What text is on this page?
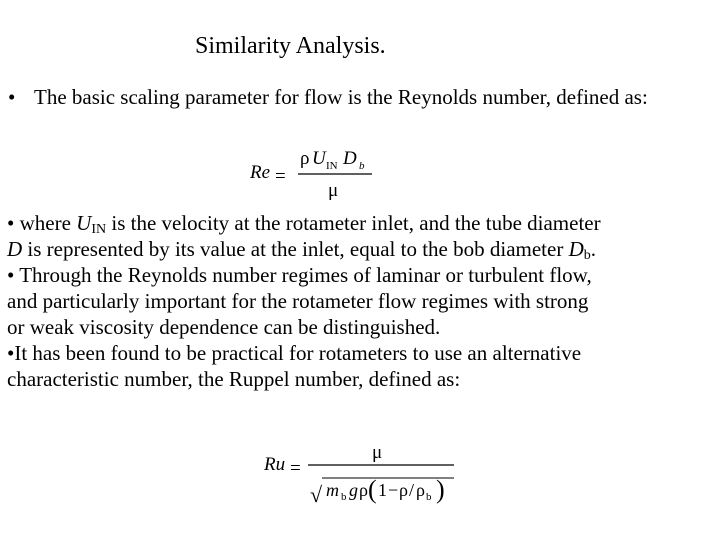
Similarity Analysis.
• The basic scaling parameter for flow is the Reynolds number, defined as:
Re =
ρ U IN D b
μ
• where $U_{IN}$ is the velocity at the rotameter inlet, and the tube diameter
D is represented by its value at the inlet, equal to the bob diameter $D_b$.
• Through the Reynolds number regimes of laminar or turbulent flow,
and particularly important for the rotameter flow regimes with strong
or weak viscosity dependence can be distinguished.
•It has been found to be practical for rotameters to use an alternative
characteristic number, the Ruppel number, defined as:
Ru =
μ
√ m b g ρ ( 1 − ρ / ρ b )
